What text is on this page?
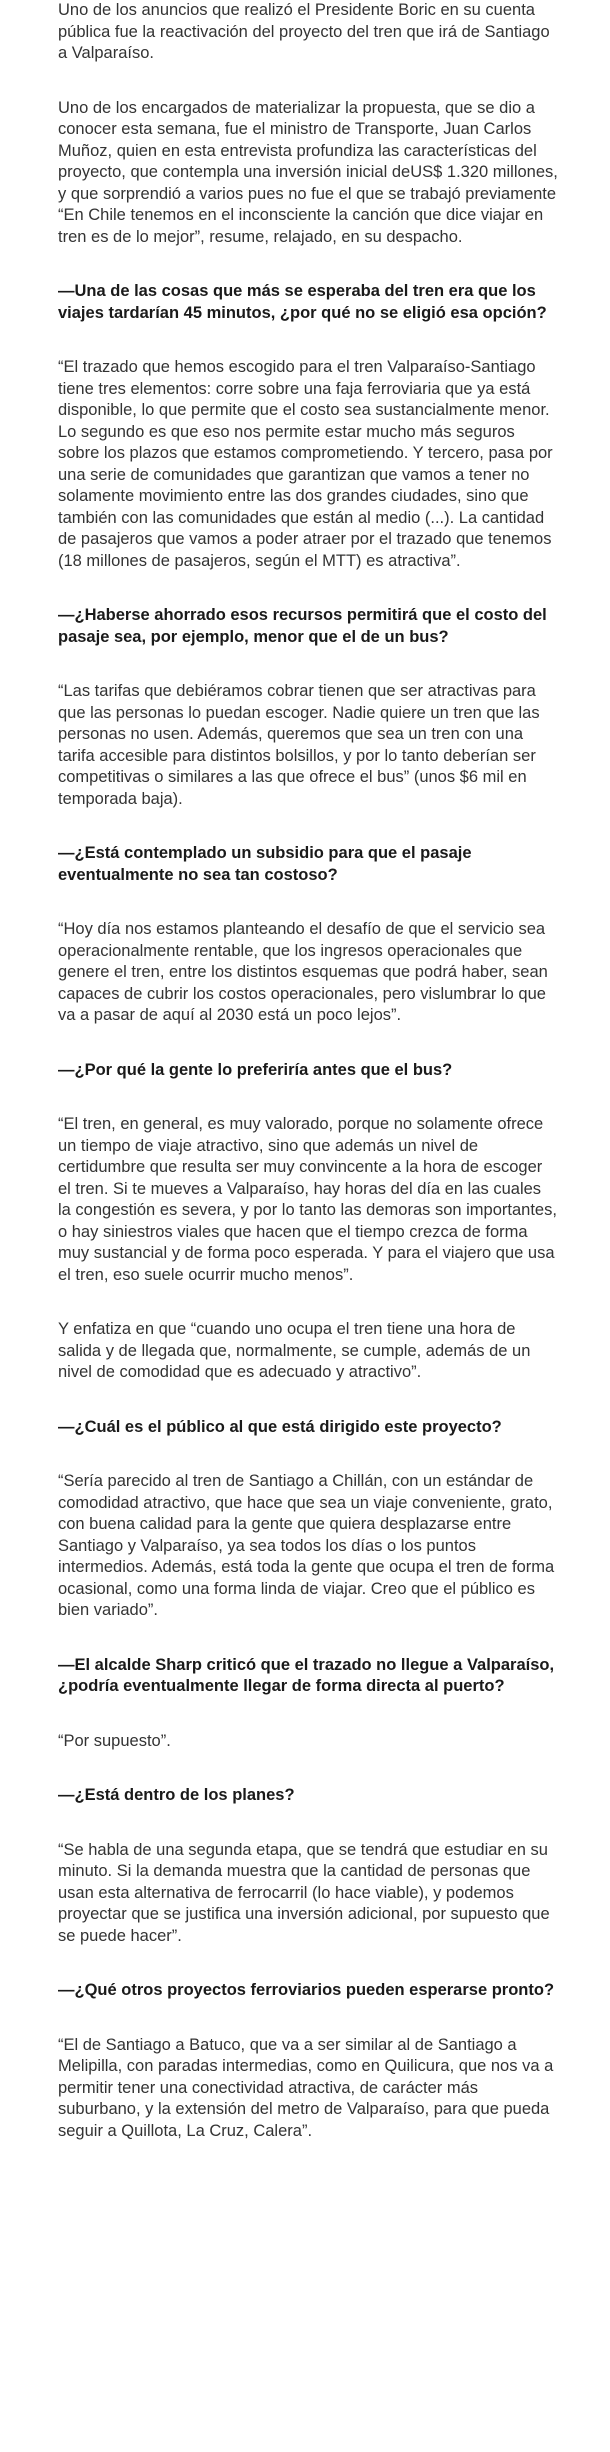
Uno de los anuncios que realizó el Presidente Boric en su cuenta pública fue la reactivación del proyecto del tren que irá de Santiago a Valparaíso.

Uno de los encargados de materializar la propuesta, que se dio a conocer esta semana, fue el ministro de Transporte, Juan Carlos Muñoz, quien en esta entrevista profundiza las características del proyecto, que contempla una inversión inicial deUS$ 1.320 millones, y que sorprendió a varios pues no fue el que se trabajó previamente “En Chile tenemos en el inconsciente la canción que dice viajar en tren es de lo mejor”, resume, relajado, en su despacho.

—Una de las cosas que más se esperaba del tren era que los viajes tardarían 45 minutos, ¿por qué no se eligió esa opción?

“El trazado que hemos escogido para el tren Valparaíso-Santiago tiene tres elementos: corre sobre una faja ferroviaria que ya está disponible, lo que permite que el costo sea sustancialmente menor. Lo segundo es que eso nos permite estar mucho más seguros sobre los plazos que estamos comprometiendo. Y tercero, pasa por una serie de comunidades que garantizan que vamos a tener no solamente movimiento entre las dos grandes ciudades, sino que también con las comunidades que están al medio (...). La cantidad de pasajeros que vamos a poder atraer por el trazado que tenemos (18 millones de pasajeros, según el MTT) es atractiva”.

—¿Haberse ahorrado esos recursos permitirá que el costo del pasaje sea, por ejemplo, menor que el de un bus?

“Las tarifas que debiéramos cobrar tienen que ser atractivas para que las personas lo puedan escoger. Nadie quiere un tren que las personas no usen. Además, queremos que sea un tren con una tarifa accesible para distintos bolsillos, y por lo tanto deberían ser competitivas o similares a las que ofrece el bus” (unos $6 mil en temporada baja).

—¿Está contemplado un subsidio para que el pasaje eventualmente no sea tan costoso?

“Hoy día nos estamos planteando el desafío de que el servicio sea operacionalmente rentable, que los ingresos operacionales que genere el tren, entre los distintos esquemas que podrá haber, sean capaces de cubrir los costos operacionales, pero vislumbrar lo que va a pasar de aquí al 2030 está un poco lejos”.

—¿Por qué la gente lo preferiría antes que el bus?

“El tren, en general, es muy valorado, porque no solamente ofrece un tiempo de viaje atractivo, sino que además un nivel de certidumbre que resulta ser muy convincente a la hora de escoger el tren. Si te mueves a Valparaíso, hay horas del día en las cuales la congestión es severa, y por lo tanto las demoras son importantes, o hay siniestros viales que hacen que el tiempo crezca de forma muy sustancial y de forma poco esperada. Y para el viajero que usa el tren, eso suele ocurrir mucho menos”.

Y enfatiza en que “cuando uno ocupa el tren tiene una hora de salida y de llegada que, normalmente, se cumple, además de un nivel de comodidad que es adecuado y atractivo”.

—¿Cuál es el público al que está dirigido este proyecto?

“Sería parecido al tren de Santiago a Chillán, con un estándar de comodidad atractivo, que hace que sea un viaje conveniente, grato, con buena calidad para la gente que quiera desplazarse entre Santiago y Valparaíso, ya sea todos los días o los puntos intermedios. Además, está toda la gente que ocupa el tren de forma ocasional, como una forma linda de viajar. Creo que el público es bien variado”.

—El alcalde Sharp criticó que el trazado no llegue a Valparaíso, ¿podría eventualmente llegar de forma directa al puerto?

“Por supuesto”.

—¿Está dentro de los planes?

“Se habla de una segunda etapa, que se tendrá que estudiar en su minuto. Si la demanda muestra que la cantidad de personas que usan esta alternativa de ferrocarril (lo hace viable), y podemos proyectar que se justifica una inversión adicional, por supuesto que se puede hacer”.

—¿Qué otros proyectos ferroviarios pueden esperarse pronto?

“El de Santiago a Batuco, que va a ser similar al de Santiago a Melipilla, con paradas intermedias, como en Quilicura, que nos va a permitir tener una conectividad atractiva, de carácter más suburbano, y la extensión del metro de Valparaíso, para que pueda seguir a Quillota, La Cruz, Calera”.
